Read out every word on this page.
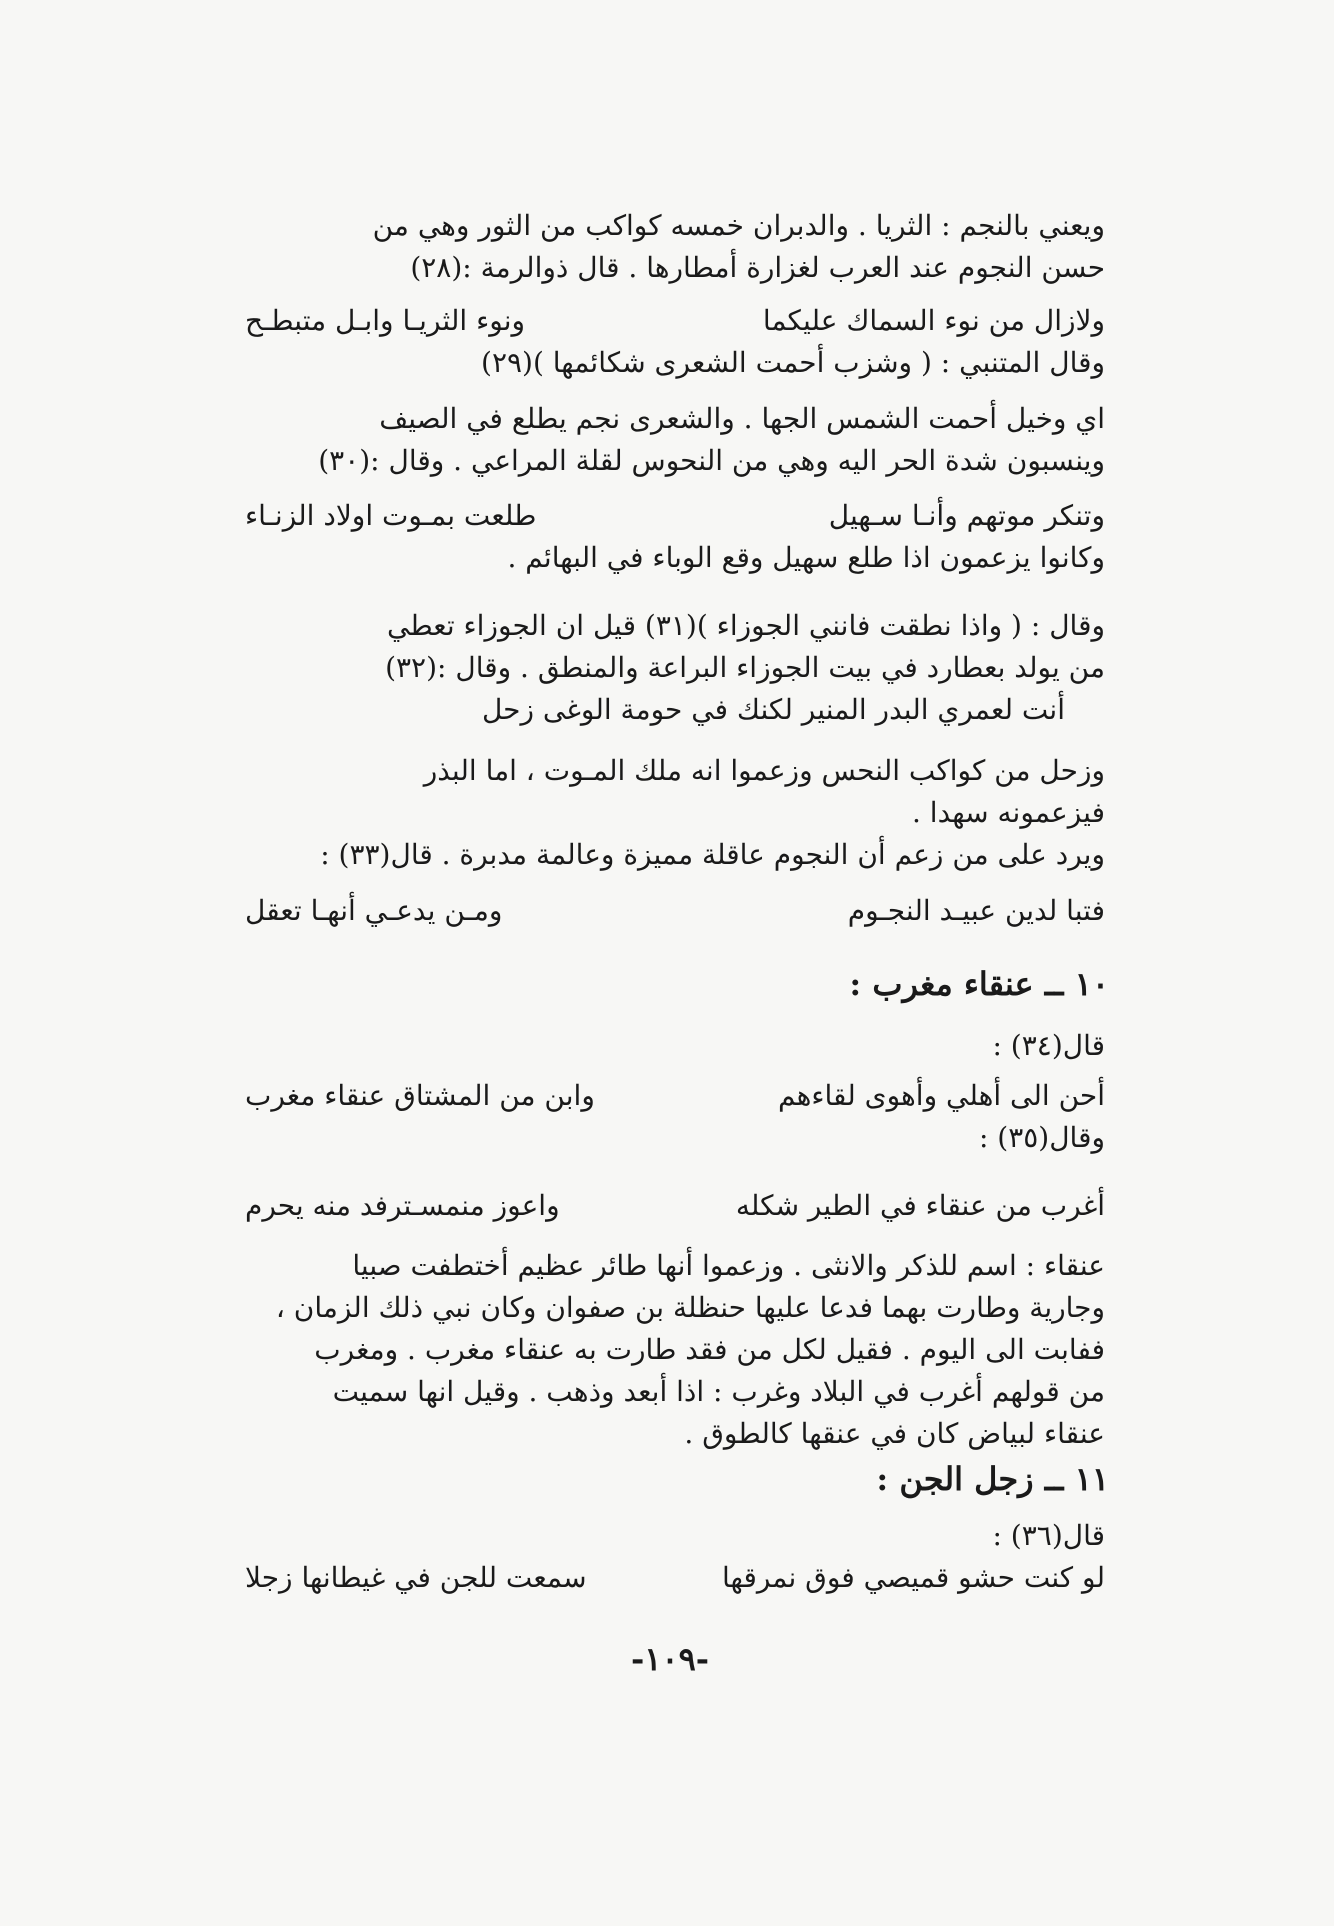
ويعني بالنجم : الثريا . والدبران خمسه كواكب من الثور وهي من

حسن النجوم عند العرب لغزارة أمطارها . قال ذوالرمة :(٢٨)

ولازال من نوء السماك عليكما
ونوء الثريـا وابـل متبطـح

وقال المتنبي : ( وشزب أحمت الشعرى شكائمها )(٢٩)

اي وخيل أحمت الشمس الجها . والشعرى نجم يطلع في الصيف

وينسبون شدة الحر اليه وهي من النحوس لقلة المراعي . وقال :(٣٠)

وتنكر موتهم وأنـا سـهيل
طلعت بمـوت اولاد الزنـاء

وكانوا يزعمون اذا طلع سهيل وقع الوباء في البهائم .

وقال : ( واذا نطقت فانني الجوزاء )(٣١) قيل ان الجوزاء تعطي

من يولد بعطارد في بيت الجوزاء البراعة والمنطق . وقال :(٣٢)

أنت لعمري البدر المنير لكنك في حومة الوغى زحل

وزحل من كواكب النحس وزعموا انه ملك المـوت ، اما البذر

فيزعمونه سهدا .

ويرد على من زعم أن النجوم عاقلة مميزة وعالمة مدبرة . قال(٣٣) :

فتبا لدين عبيـد النجـوم
ومـن يدعـي أنهـا تعقل
١٠ ــ عنقاء مغرب :

قال(٣٤) :

أحن الى أهلي وأهوى لقاءهم
وابن من المشتاق عنقاء مغرب

وقال(٣٥) :

أغرب من عنقاء في الطير شكله
واعوز منمسـترفد منه يحرم

عنقاء : اسم للذكر والانثى . وزعموا أنها طائر عظيم أختطفت صبيا

وجارية وطارت بهما فدعا عليها حنظلة بن صفوان وكان نبي ذلك الزمان ،

ففابت الى اليوم . فقيل لكل من فقد طارت به عنقاء مغرب . ومغرب

من قولهم أغرب في البلاد وغرب : اذا أبعد وذهب . وقيل انها سميت

عنقاء لبياض كان في عنقها كالطوق .

١١ ــ زجل الجن :

قال(٣٦) :

لو كنت حشو قميصي فوق نمرقها
سمعت للجن في غيطانها زجلا
-١٠٩-
